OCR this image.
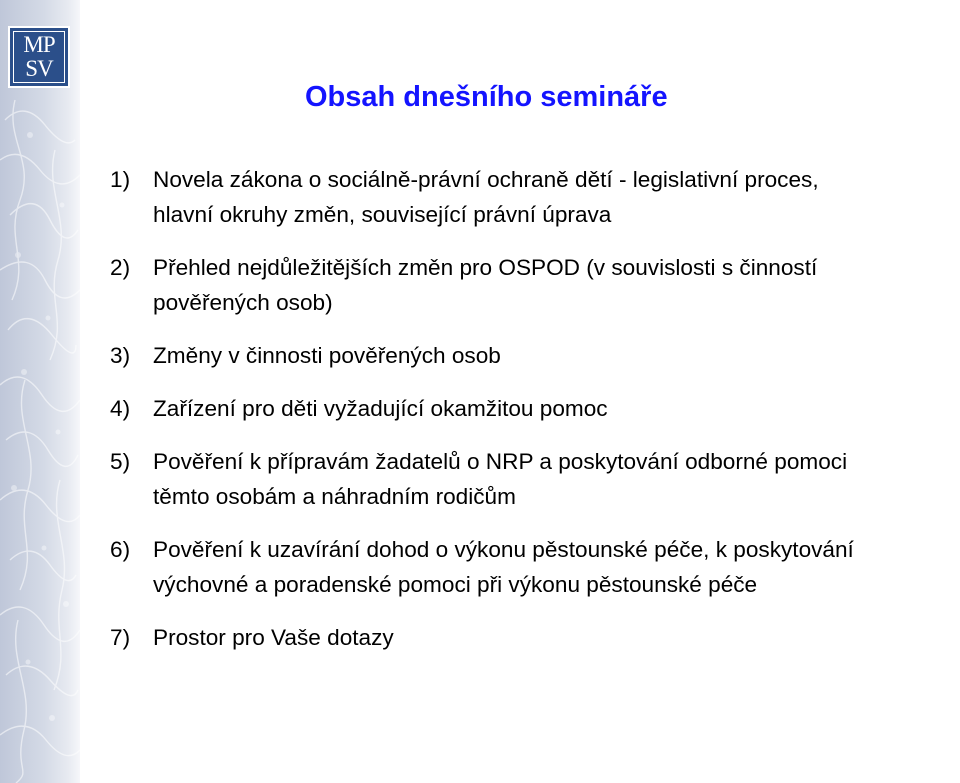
MP
SV
Obsah dnešního semináře
1) Novela zákona o sociálně-právní ochraně dětí - legislativní proces,
hlavní okruhy změn, související právní úprava
2) Přehled nejdůležitějších změn pro OSPOD (v souvislosti s činností
pověřených osob)
3) Změny v činnosti pověřených osob
4) Zařízení pro děti vyžadující okamžitou pomoc
5) Pověření k přípravám žadatelů o NRP a poskytování odborné pomoci
těmto osobám a náhradním rodičům
6) Pověření k uzavírání dohod o výkonu pěstounské péče, k poskytování
výchovné a poradenské pomoci při výkonu pěstounské péče
7) Prostor pro Vaše dotazy
